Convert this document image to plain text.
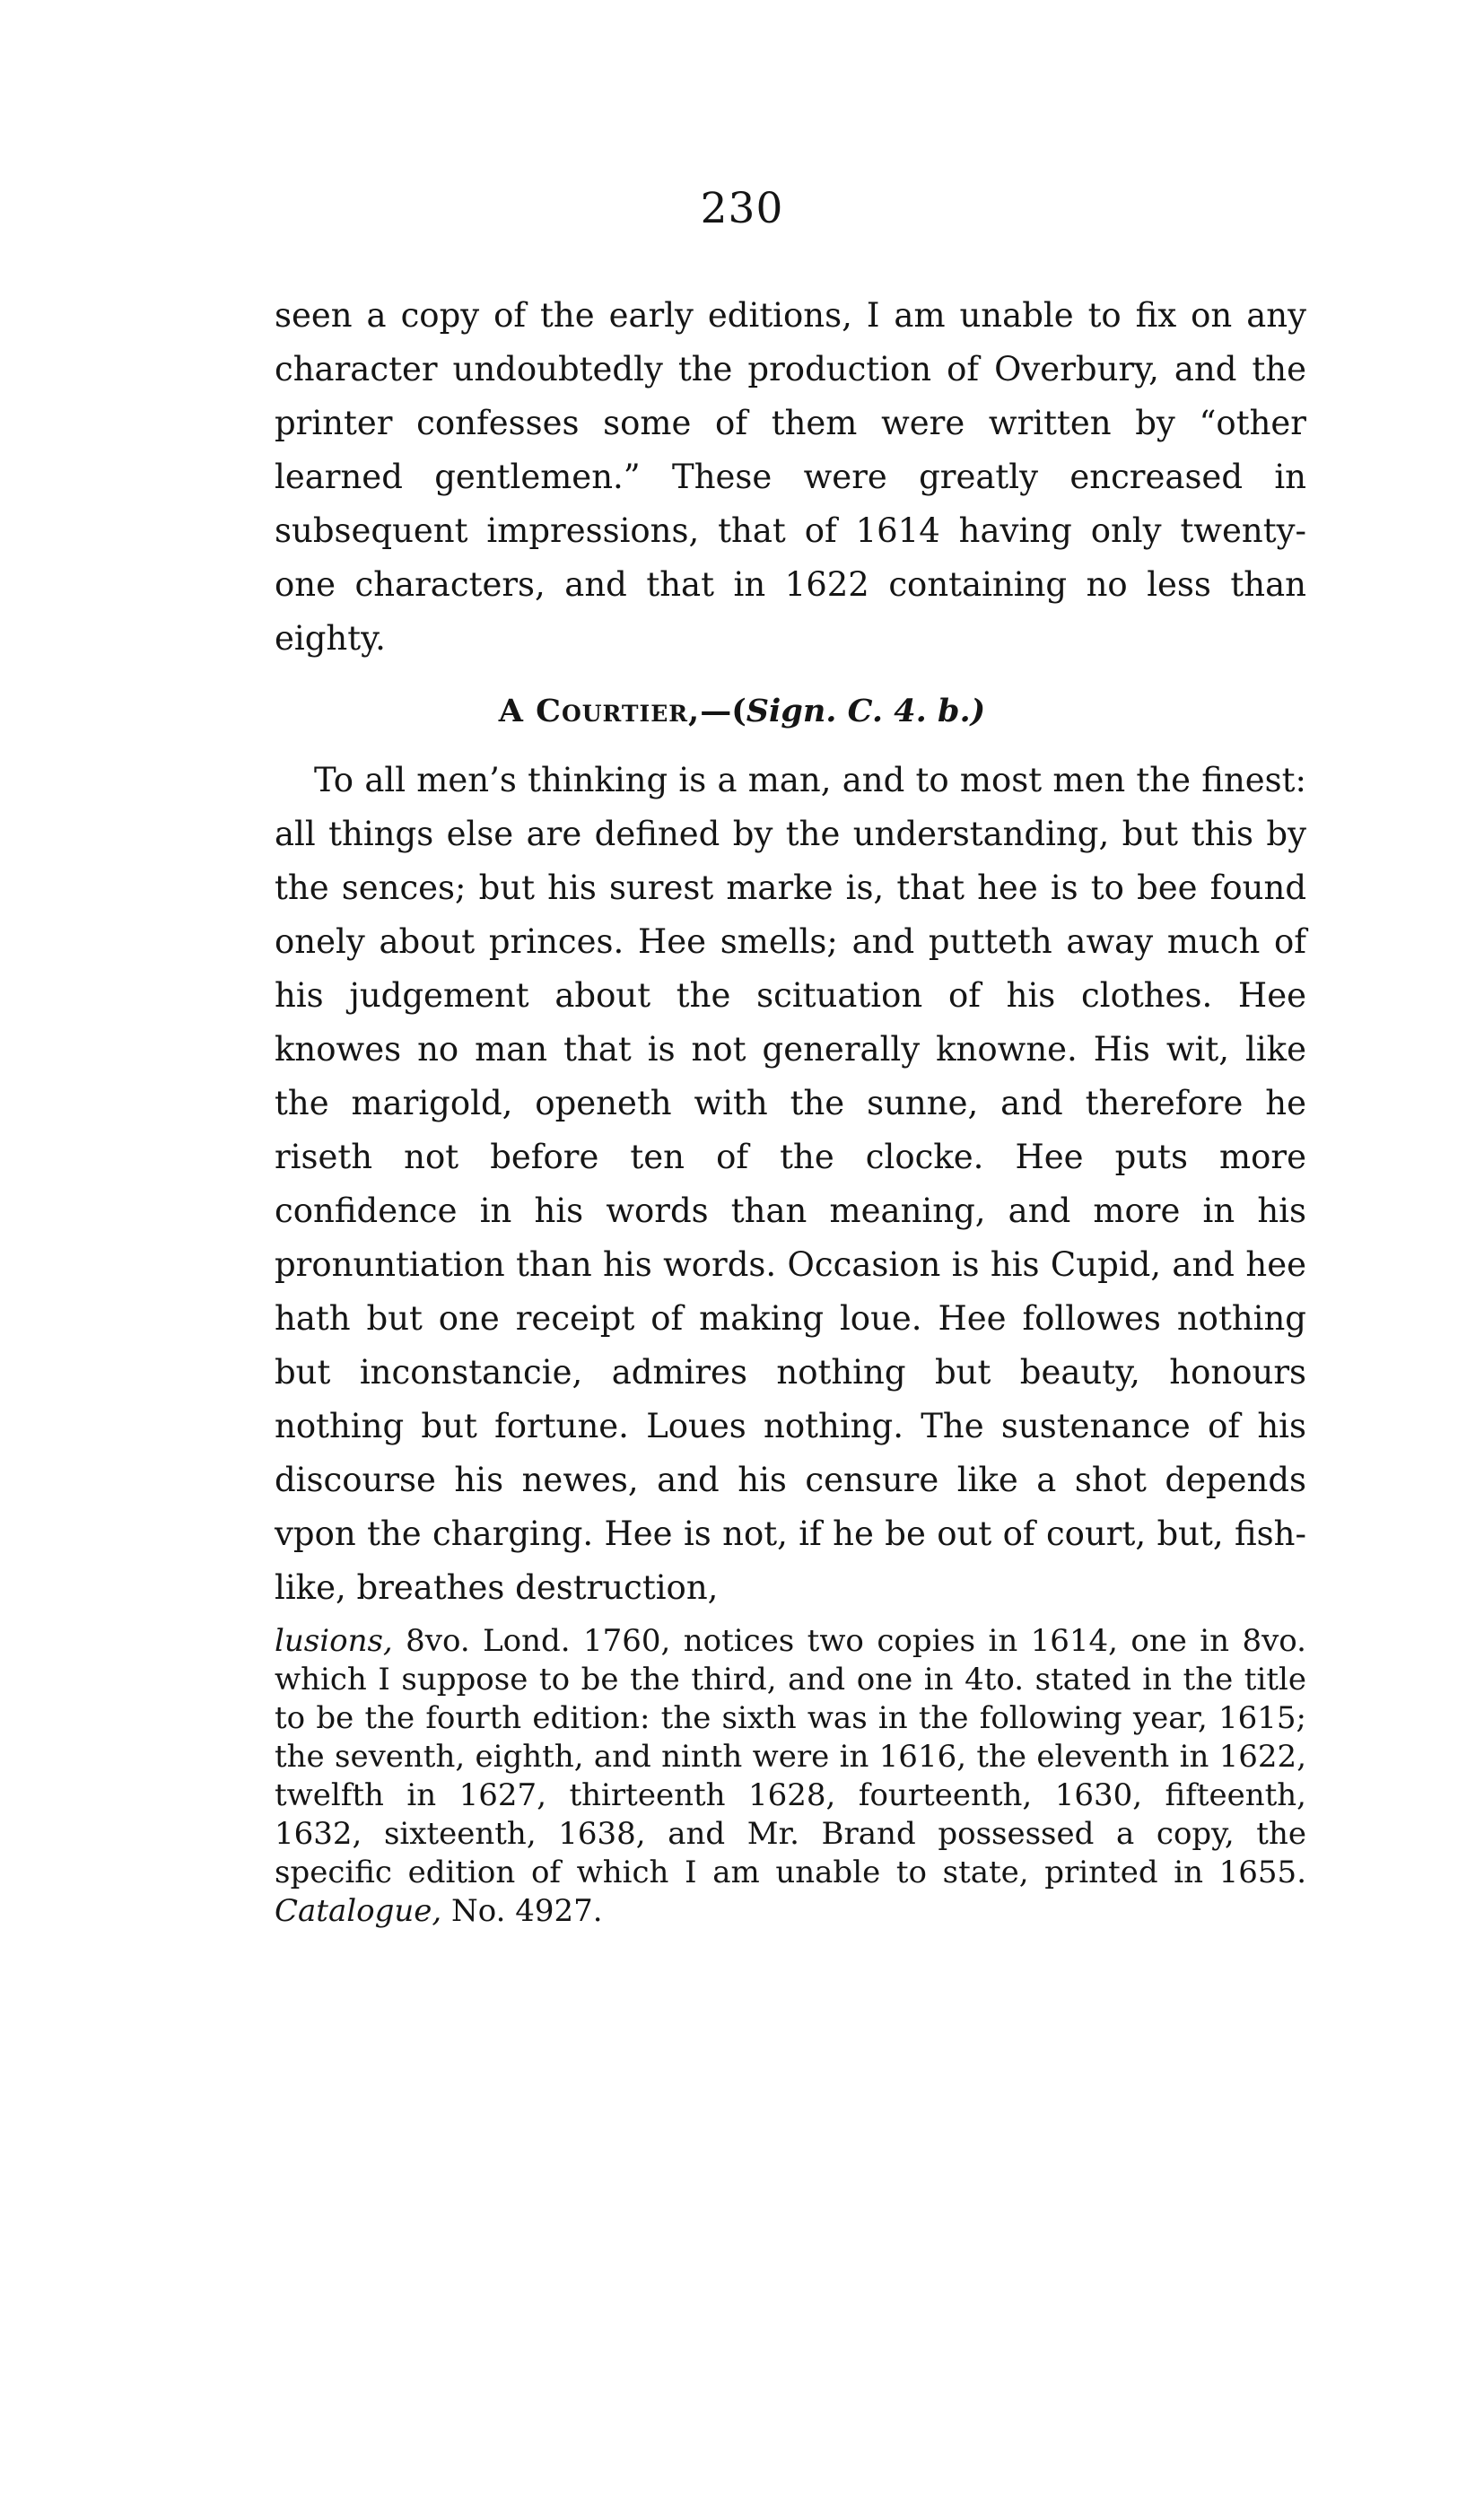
230

seen a copy of the early editions, I am unable to fix on any character undoubtedly the production of Overbury, and the printer confesses some of them were written by “other learned gentlemen.” These were greatly encreased in subsequent impressions, that of 1614 having only twenty-one characters, and that in 1622 containing no less than eighty.

A Courtier,—(Sign. C. 4. b.)

To all men’s thinking is a man, and to most men the finest: all things else are defined by the understanding, but this by the sences; but his surest marke is, that hee is to bee found onely about princes. Hee smells; and putteth away much of his judgement about the scituation of his clothes. Hee knowes no man that is not generally knowne. His wit, like the marigold, openeth with the sunne, and therefore he riseth not before ten of the clocke. Hee puts more confidence in his words than meaning, and more in his pronuntiation than his words. Occasion is his Cupid, and hee hath but one receipt of making loue. Hee followes nothing but inconstancie, admires nothing but beauty, honours nothing but fortune. Loues nothing. The sustenance of his discourse his newes, and his censure like a shot depends vpon the charging. Hee is not, if he be out of court, but, fish-like, breathes destruction,

lusions, 8vo. Lond. 1760, notices two copies in 1614, one in 8vo. which I suppose to be the third, and one in 4to. stated in the title to be the fourth edition: the sixth was in the following year, 1615; the seventh, eighth, and ninth were in 1616, the eleventh in 1622, twelfth in 1627, thirteenth 1628, fourteenth, 1630, fifteenth, 1632, sixteenth, 1638, and Mr. Brand possessed a copy, the specific edition of which I am unable to state, printed in 1655. Catalogue, No. 4927.
